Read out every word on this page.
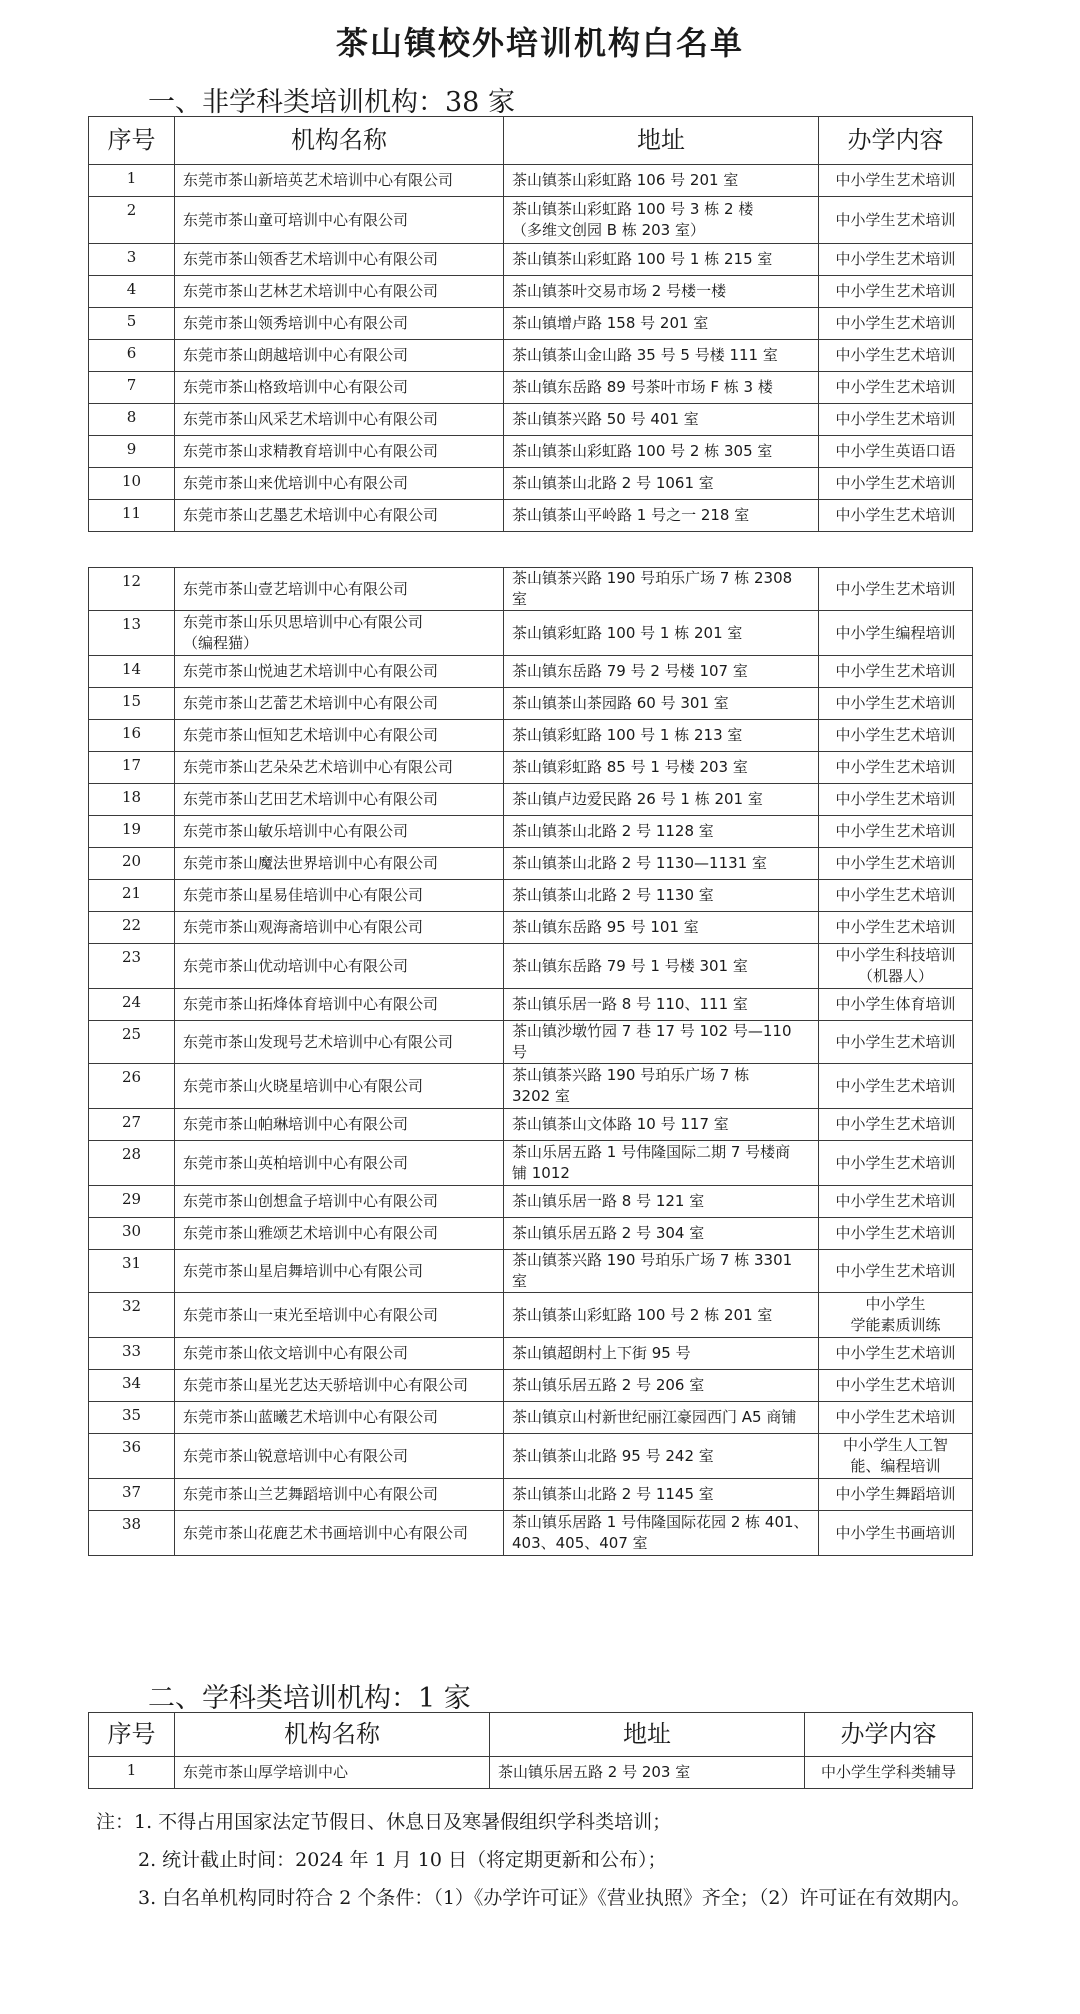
茶山镇校外培训机构白名单
一、非学科类培训机构：38 家
序号	机构名称	地址	办学内容
1	东莞市茶山新培英艺术培训中心有限公司	茶山镇茶山彩虹路 106 号 201 室	中小学生艺术培训
2	东莞市茶山童可培训中心有限公司	茶山镇茶山彩虹路 100 号 3 栋 2 楼
（多维文创园 B 栋 203 室）	中小学生艺术培训
3	东莞市茶山领香艺术培训中心有限公司	茶山镇茶山彩虹路 100 号 1 栋 215 室	中小学生艺术培训
4	东莞市茶山艺林艺术培训中心有限公司	茶山镇茶叶交易市场 2 号楼一楼	中小学生艺术培训
5	东莞市茶山领秀培训中心有限公司	茶山镇增卢路 158 号 201 室	中小学生艺术培训
6	东莞市茶山朗越培训中心有限公司	茶山镇茶山金山路 35 号 5 号楼 111 室	中小学生艺术培训
7	东莞市茶山格致培训中心有限公司	茶山镇东岳路 89 号茶叶市场 F 栋 3 楼	中小学生艺术培训
8	东莞市茶山风采艺术培训中心有限公司	茶山镇茶兴路 50 号 401 室	中小学生艺术培训
9	东莞市茶山求精教育培训中心有限公司	茶山镇茶山彩虹路 100 号 2 栋 305 室	中小学生英语口语
10	东莞市茶山来优培训中心有限公司	茶山镇茶山北路 2 号 1061 室	中小学生艺术培训
11	东莞市茶山艺墨艺术培训中心有限公司	茶山镇茶山平岭路 1 号之一 218 室	中小学生艺术培训
12	东莞市茶山壹艺培训中心有限公司	茶山镇茶兴路 190 号珀乐广场 7 栋 2308 室	中小学生艺术培训
13	东莞市茶山乐贝思培训中心有限公司
（编程猫）	茶山镇彩虹路 100 号 1 栋 201 室	中小学生编程培训
14	东莞市茶山悦迪艺术培训中心有限公司	茶山镇东岳路 79 号 2 号楼 107 室	中小学生艺术培训
15	东莞市茶山艺蕾艺术培训中心有限公司	茶山镇茶山茶园路 60 号 301 室	中小学生艺术培训
16	东莞市茶山恒知艺术培训中心有限公司	茶山镇彩虹路 100 号 1 栋 213 室	中小学生艺术培训
17	东莞市茶山艺朵朵艺术培训中心有限公司	茶山镇彩虹路 85 号 1 号楼 203 室	中小学生艺术培训
18	东莞市茶山艺田艺术培训中心有限公司	茶山镇卢边爱民路 26 号 1 栋 201 室	中小学生艺术培训
19	东莞市茶山敏乐培训中心有限公司	茶山镇茶山北路 2 号 1128 室	中小学生艺术培训
20	东莞市茶山魔法世界培训中心有限公司	茶山镇茶山北路 2 号 1130—1131 室	中小学生艺术培训
21	东莞市茶山星易佳培训中心有限公司	茶山镇茶山北路 2 号 1130 室	中小学生艺术培训
22	东莞市茶山观海斋培训中心有限公司	茶山镇东岳路 95 号 101 室	中小学生艺术培训
23	东莞市茶山优动培训中心有限公司	茶山镇东岳路 79 号 1 号楼 301 室	中小学生科技培训
（机器人）
24	东莞市茶山拓烽体育培训中心有限公司	茶山镇乐居一路 8 号 110、111 室	中小学生体育培训
25	东莞市茶山发现号艺术培训中心有限公司	茶山镇沙墩竹园 7 巷 17 号 102 号—110 号	中小学生艺术培训
26	东莞市茶山火晓星培训中心有限公司	茶山镇茶兴路 190 号珀乐广场 7 栋
3202 室	中小学生艺术培训
27	东莞市茶山帕琳培训中心有限公司	茶山镇茶山文体路 10 号 117 室	中小学生艺术培训
28	东莞市茶山英柏培训中心有限公司	茶山乐居五路 1 号伟隆国际二期 7 号楼商
铺 1012	中小学生艺术培训
29	东莞市茶山创想盒子培训中心有限公司	茶山镇乐居一路 8 号 121 室	中小学生艺术培训
30	东莞市茶山雅颂艺术培训中心有限公司	茶山镇乐居五路 2 号 304 室	中小学生艺术培训
31	东莞市茶山星启舞培训中心有限公司	茶山镇茶兴路 190 号珀乐广场 7 栋 3301 室	中小学生艺术培训
32	东莞市茶山一束光至培训中心有限公司	茶山镇茶山彩虹路 100 号 2 栋 201 室	中小学生
学能素质训练
33	东莞市茶山依文培训中心有限公司	茶山镇超朗村上下街 95 号	中小学生艺术培训
34	东莞市茶山星光艺达天骄培训中心有限公司	茶山镇乐居五路 2 号 206 室	中小学生艺术培训
35	东莞市茶山蓝曦艺术培训中心有限公司	茶山镇京山村新世纪丽江豪园西门 A5 商铺	中小学生艺术培训
36	东莞市茶山锐意培训中心有限公司	茶山镇茶山北路 95 号 242 室	中小学生人工智
能、编程培训
37	东莞市茶山兰艺舞蹈培训中心有限公司	茶山镇茶山北路 2 号 1145 室	中小学生舞蹈培训
38	东莞市茶山花鹿艺术书画培训中心有限公司	茶山镇乐居路 1 号伟隆国际花园 2 栋 401、
403、405、407 室	中小学生书画培训
二、学科类培训机构：1 家
序号	机构名称	地址	办学内容
1	东莞市茶山厚学培训中心	茶山镇乐居五路 2 号 203 室	中小学生学科类辅导

注：1. 不得占用国家法定节假日、休息日及寒暑假组织学科类培训；

2. 统计截止时间：2024 年 1 月 10 日（将定期更新和公布）；

3. 白名单机构同时符合 2 个条件：（1）《办学许可证》《营业执照》齐全；（2）许可证在有效期内。
